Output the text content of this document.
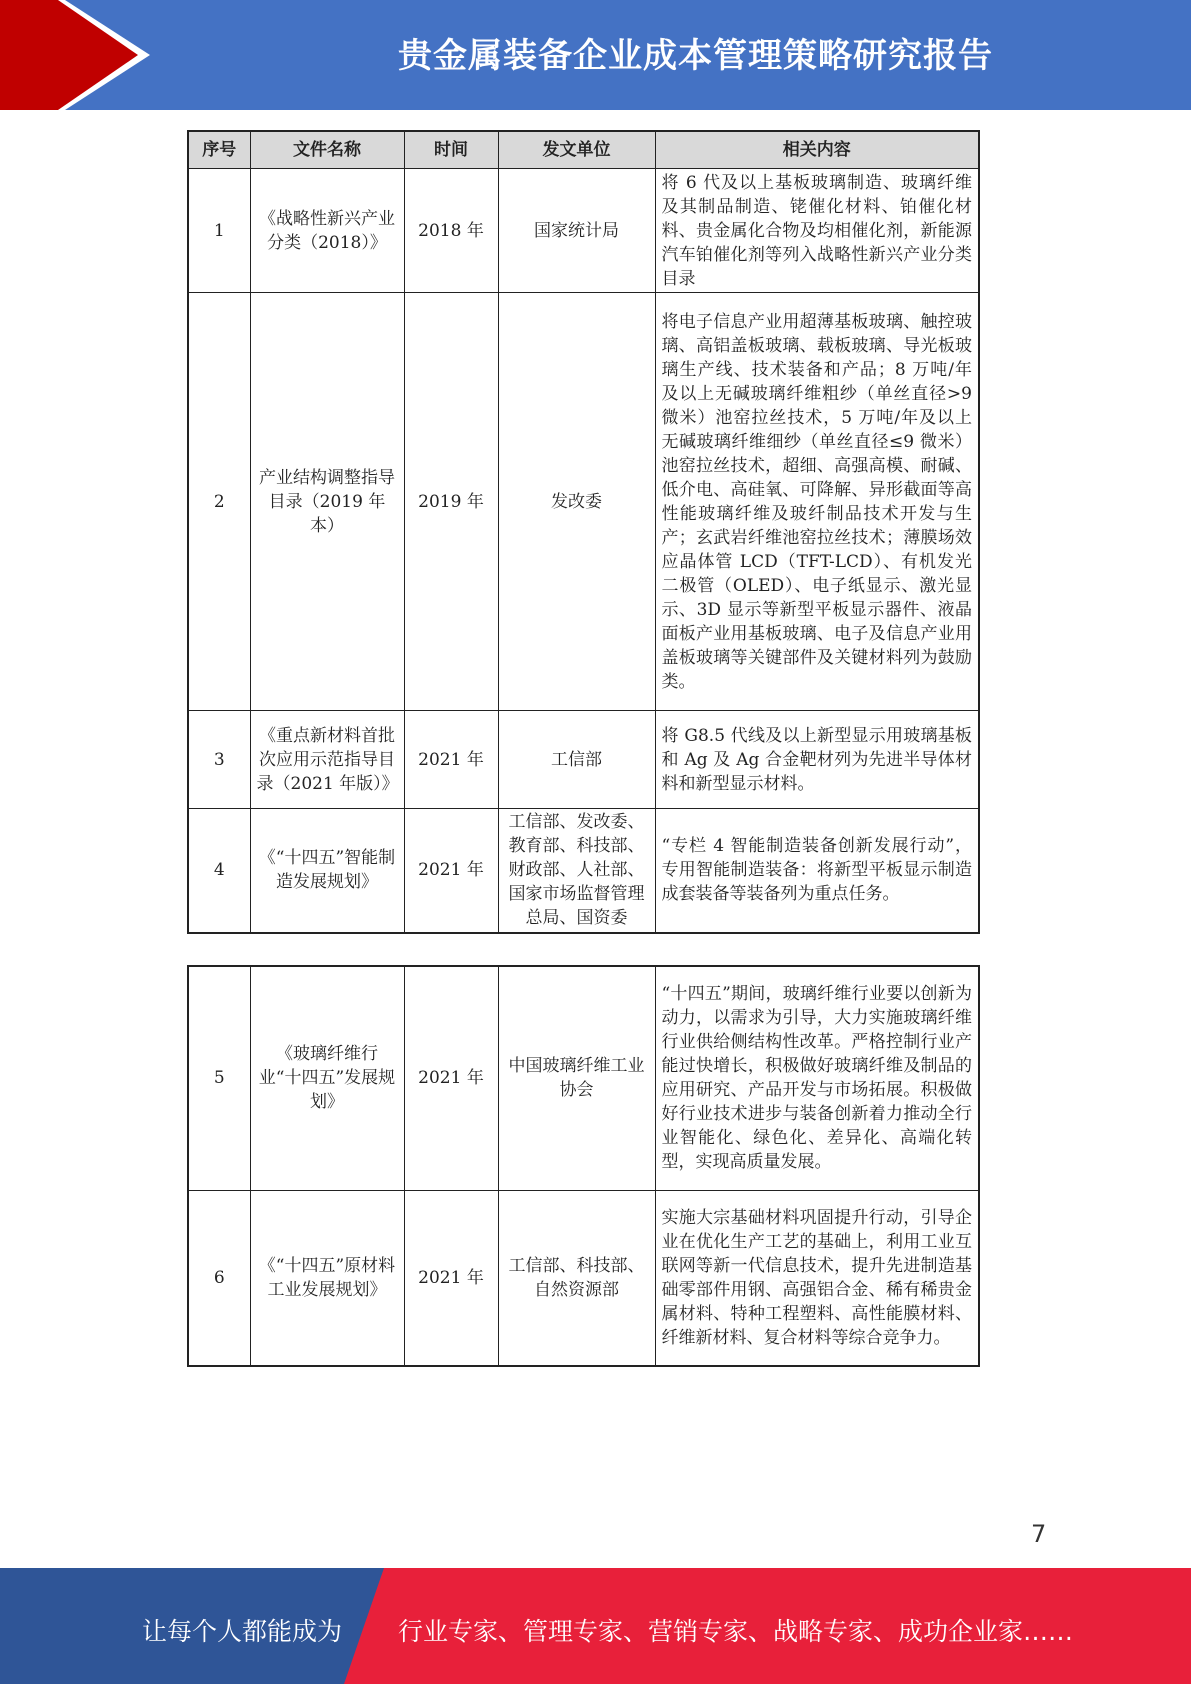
贵金属装备企业成本管理策略研究报告
序号	文件名称	时间	发文单位	相关内容
1	《战略性新兴产业分类（2018）》	2018 年	国家统计局	将 6 代及以上基板玻璃制造、玻璃纤维及其制品制造、铑催化材料、铂催化材料、贵金属化合物及均相催化剂，新能源汽车铂催化剂等列入战略性新兴产业分类目录
2	产业结构调整指导目录（2019 年本）	2019 年	发改委	将电子信息产业用超薄基板玻璃、触控玻璃、高铝盖板玻璃、载板玻璃、导光板玻璃生产线、技术装备和产品；8 万吨/年及以上无碱玻璃纤维粗纱（单丝直径>9 微米）池窑拉丝技术，5 万吨/年及以上无碱玻璃纤维细纱（单丝直径≤9 微米）池窑拉丝技术，超细、高强高模、耐碱、低介电、高硅氧、可降解、异形截面等高性能玻璃纤维及玻纤制品技术开发与生产；玄武岩纤维池窑拉丝技术；薄膜场效应晶体管 LCD（TFT-LCD）、有机发光二极管（OLED）、电子纸显示、激光显示、3D 显示等新型平板显示器件、液晶面板产业用基板玻璃、电子及信息产业用盖板玻璃等关键部件及关键材料列为鼓励类。
3	《重点新材料首批次应用示范指导目录（2021 年版）》	2021 年	工信部	将 G8.5 代线及以上新型显示用玻璃基板和 Ag 及 Ag 合金靶材列为先进半导体材料和新型显示材料。
4	《“十四五”智能制造发展规划》	2021 年	工信部、发改委、教育部、科技部、财政部、人社部、国家市场监督管理总局、国资委	“专栏 4 智能制造装备创新发展行动”，专用智能制造装备：将新型平板显示制造成套装备等装备列为重点任务。
5	《玻璃纤维行业“十四五”发展规划》	2021 年	中国玻璃纤维工业协会	“十四五”期间，玻璃纤维行业要以创新为动力，以需求为引导，大力实施玻璃纤维行业供给侧结构性改革。严格控制行业产能过快增长，积极做好玻璃纤维及制品的应用研究、产品开发与市场拓展。积极做好行业技术进步与装备创新着力推动全行业智能化、绿色化、差异化、高端化转型，实现高质量发展。
6	《“十四五”原材料工业发展规划》	2021 年	工信部、科技部、自然资源部	实施大宗基础材料巩固提升行动，引导企业在优化生产工艺的基础上，利用工业互联网等新一代信息技术，提升先进制造基础零部件用钢、高强铝合金、稀有稀贵金属材料、特种工程塑料、高性能膜材料、纤维新材料、复合材料等综合竞争力。
7
让每个人都能成为 行业专家、管理专家、营销专家、战略专家、成功企业家……
